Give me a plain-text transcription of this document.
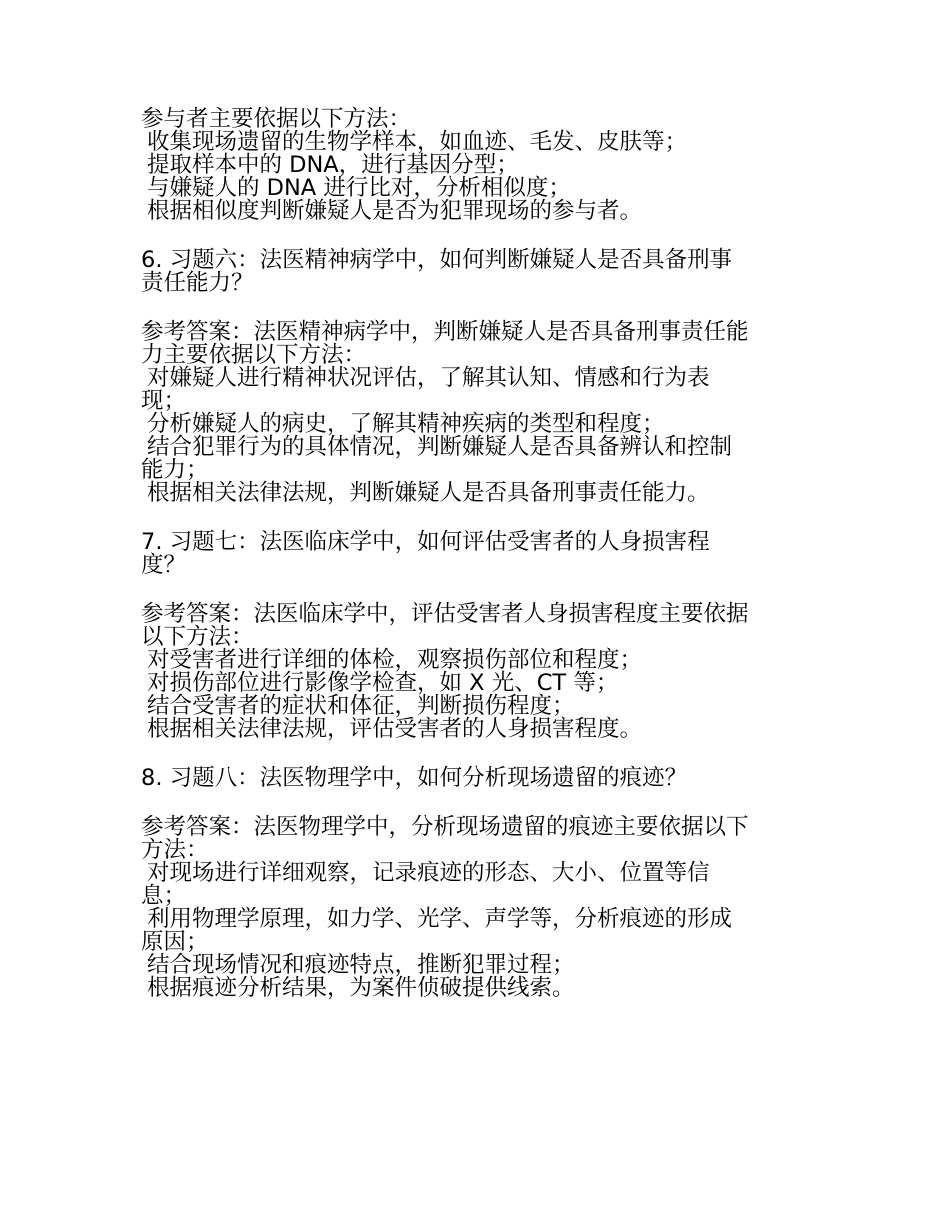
参与者主要依据以下方法：
收集现场遗留的生物学样本，如血迹、毛发、皮肤等；
提取样本中的 DNA，进行基因分型；
与嫌疑人的 DNA 进行比对，分析相似度；
根据相似度判断嫌疑人是否为犯罪现场的参与者。
6. 习题六：法医精神病学中，如何判断嫌疑人是否具备刑事
责任能力？
参考答案：法医精神病学中，判断嫌疑人是否具备刑事责任能
力主要依据以下方法：
对嫌疑人进行精神状况评估，了解其认知、情感和行为表
现；
分析嫌疑人的病史，了解其精神疾病的类型和程度；
结合犯罪行为的具体情况，判断嫌疑人是否具备辨认和控制
能力；
根据相关法律法规，判断嫌疑人是否具备刑事责任能力。
7. 习题七：法医临床学中，如何评估受害者的人身损害程
度？
参考答案：法医临床学中，评估受害者人身损害程度主要依据
以下方法：
对受害者进行详细的体检，观察损伤部位和程度；
对损伤部位进行影像学检查，如 X 光、CT 等；
结合受害者的症状和体征，判断损伤程度；
根据相关法律法规，评估受害者的人身损害程度。
8. 习题八：法医物理学中，如何分析现场遗留的痕迹？
参考答案：法医物理学中，分析现场遗留的痕迹主要依据以下
方法：
对现场进行详细观察，记录痕迹的形态、大小、位置等信
息；
利用物理学原理，如力学、光学、声学等，分析痕迹的形成
原因；
结合现场情况和痕迹特点，推断犯罪过程；
根据痕迹分析结果，为案件侦破提供线索。
